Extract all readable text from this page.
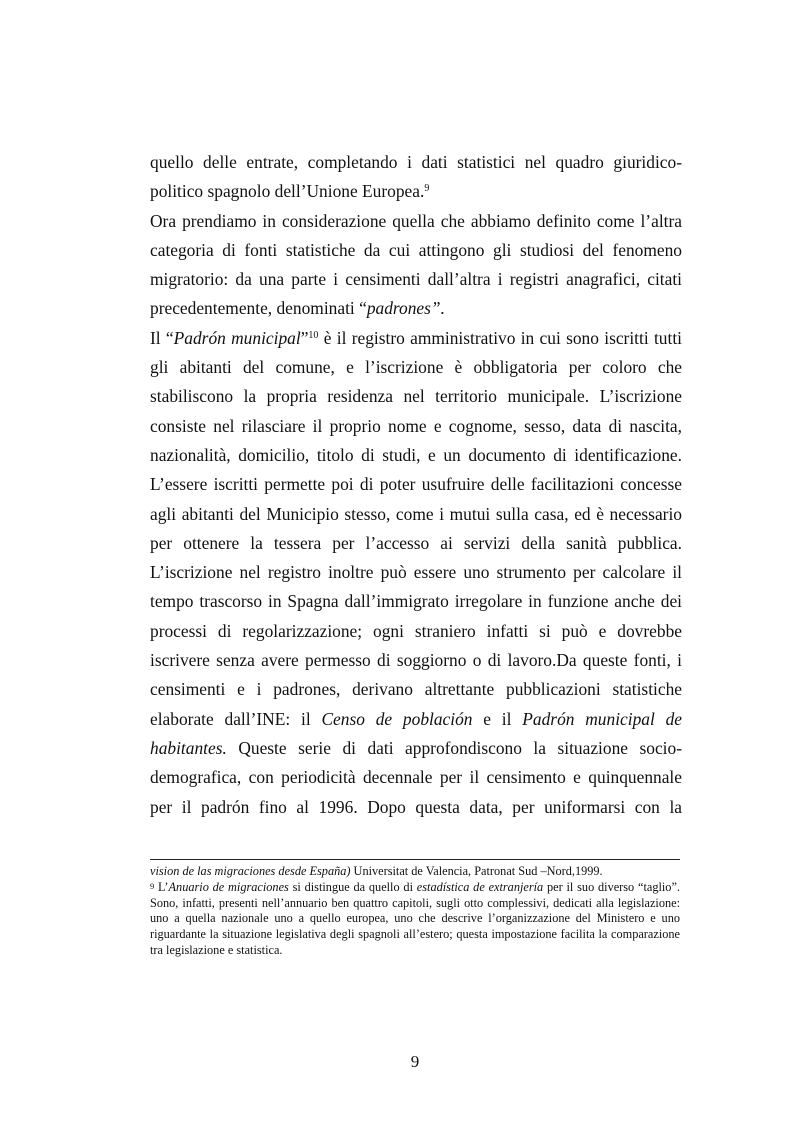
quello delle entrate, completando i dati statistici nel quadro giuridico-politico spagnolo dell’Unione Europea.$^9$

Ora prendiamo in considerazione quella che abbiamo definito come l’altra categoria di fonti statistiche da cui attingono gli studiosi del fenomeno migratorio: da una parte i censimenti dall’altra i registri anagrafici, citati precedentemente, denominati “padrones”.

Il “Padrón municipal”$^{10}$ è il registro amministrativo in cui sono iscritti tutti gli abitanti del comune, e l’iscrizione è obbligatoria per coloro che stabiliscono la propria residenza nel territorio municipale. L’iscrizione consiste nel rilasciare il proprio nome e cognome, sesso, data di nascita, nazionalità, domicilio, titolo di studi, e un documento di identificazione. L’essere iscritti permette poi di poter usufruire delle facilitazioni concesse agli abitanti del Municipio stesso, come i mutui sulla casa, ed è necessario per ottenere la tessera per l’accesso ai servizi della sanità pubblica. L’iscrizione nel registro inoltre può essere uno strumento per calcolare il tempo trascorso in Spagna dall’immigrato irregolare in funzione anche dei processi di regolarizzazione; ogni straniero infatti si può e dovrebbe iscrivere senza avere permesso di soggiorno o di lavoro.Da queste fonti, i censimenti e i padrones, derivano altrettante pubblicazioni statistiche elaborate dall’INE: il Censo de población e il Padrón municipal de habitantes. Queste serie di dati approfondiscono la situazione socio-demografica, con periodicità decennale per il censimento e quinquennale per il padrón fino al 1996. Dopo questa data, per uniformarsi con la

vision de las migraciones desde España) Universitat de Valencia, Patronat Sud –Nord,1999.

$^9$ L’Anuario de migraciones si distingue da quello di estadística de extranjería per il suo diverso “taglio”. Sono, infatti, presenti nell’annuario ben quattro capitoli, sugli otto complessivi, dedicati alla legislazione: uno a quella nazionale uno a quello europea, uno che descrive l’organizzazione del Ministero e uno riguardante la situazione legislativa degli spagnoli all’estero; questa impostazione facilita la comparazione tra legislazione e statistica.

9
